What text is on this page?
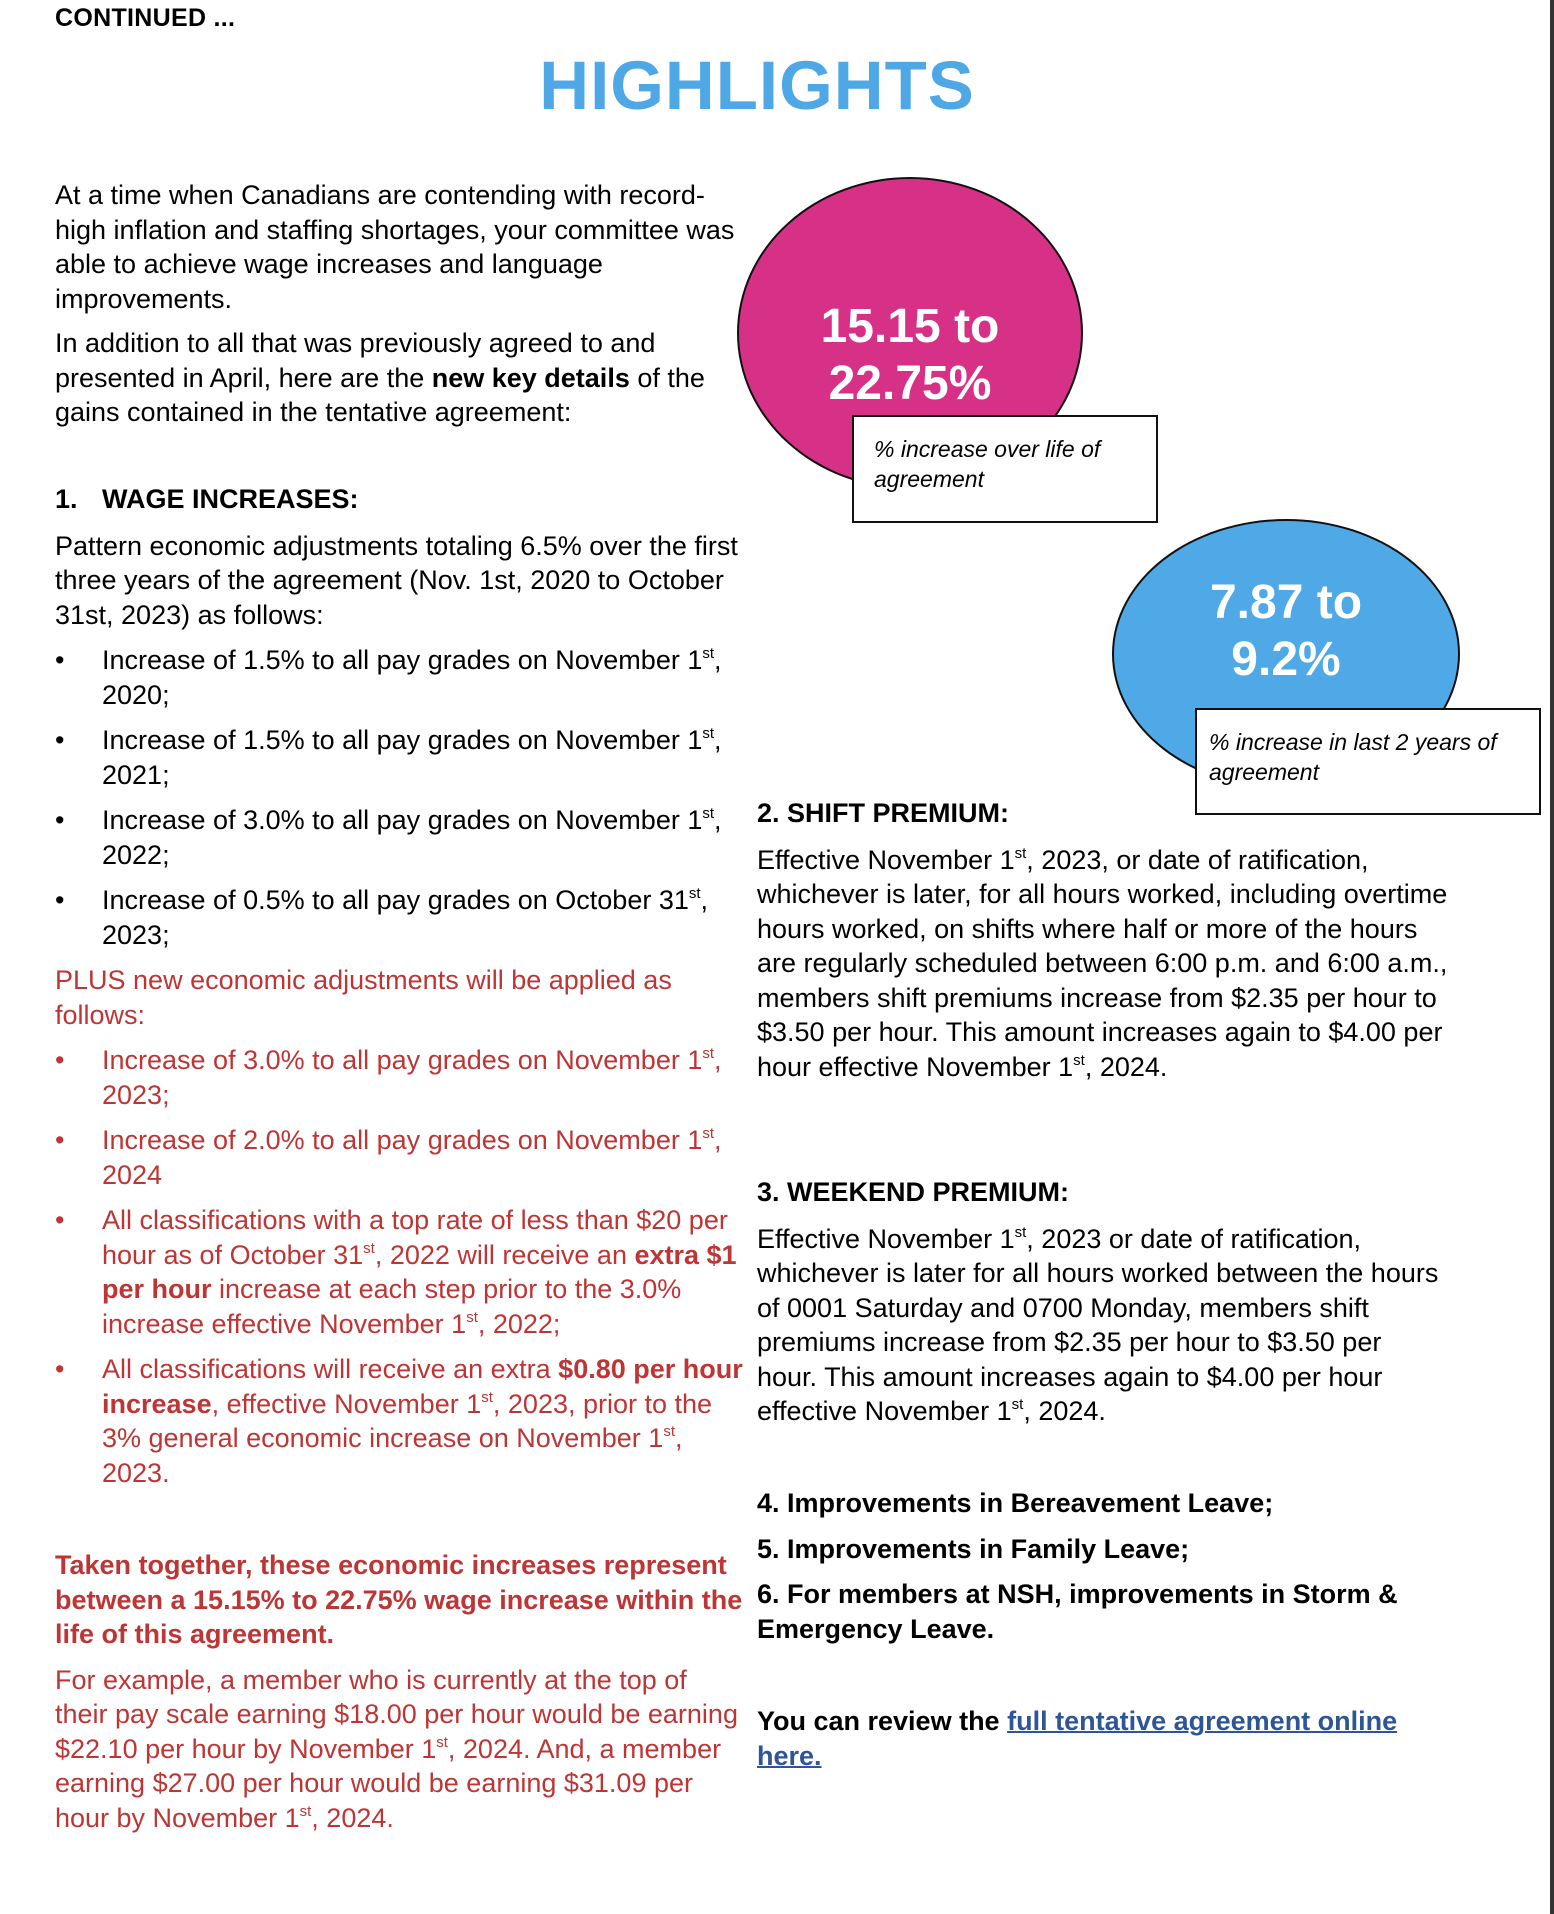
CONTINUED ...
HIGHLIGHTS

At a time when Canadians are contending with record-high inflation and staffing shortages, your committee was able to achieve wage increases and language improvements.

In addition to all that was previously agreed to and presented in April, here are the new key details of the gains contained in the tentative agreement:

15.15 to
22.75%
% increase over life of agreement
7.87 to
9.2%
% increase in last 2 years of agreement

1. WAGE INCREASES:

Pattern economic adjustments totaling 6.5% over the first three years of the agreement (Nov. 1st, 2020 to October 31st, 2023) as follows:

• Increase of 1.5% to all pay grades on November 1st, 2020;

• Increase of 1.5% to all pay grades on November 1st, 2021;

• Increase of 3.0% to all pay grades on November 1st, 2022;

• Increase of 0.5% to all pay grades on October 31st, 2023;

PLUS new economic adjustments will be applied as follows:

• Increase of 3.0% to all pay grades on November 1st, 2023;

• Increase of 2.0% to all pay grades on November 1st, 2024

• All classifications with a top rate of less than $20 per hour as of October 31st, 2022 will receive an extra $1 per hour increase at each step prior to the 3.0% increase effective November 1st, 2022;

• All classifications will receive an extra $0.80 per hour increase, effective November 1st, 2023, prior to the 3% general economic increase on November 1st, 2023.

Taken together, these economic increases represent between a 15.15% to 22.75% wage increase within the life of this agreement.

For example, a member who is currently at the top of their pay scale earning $18.00 per hour would be earning $22.10 per hour by November 1st, 2024. And, a member earning $27.00 per hour would be earning $31.09 per hour by November 1st, 2024.

2. SHIFT PREMIUM:

Effective November 1st, 2023, or date of ratification, whichever is later, for all hours worked, including overtime hours worked, on shifts where half or more of the hours are regularly scheduled between 6:00 p.m. and 6:00 a.m., members shift premiums increase from $2.35 per hour to $3.50 per hour. This amount increases again to $4.00 per hour effective November 1st, 2024.

3. WEEKEND PREMIUM:

Effective November 1st, 2023 or date of ratification, whichever is later for all hours worked between the hours of 0001 Saturday and 0700 Monday, members shift premiums increase from $2.35 per hour to $3.50 per hour. This amount increases again to $4.00 per hour effective November 1st, 2024.

4. Improvements in Bereavement Leave;

5. Improvements in Family Leave;

6. For members at NSH, improvements in Storm & Emergency Leave.

You can review the full tentative agreement online here.
